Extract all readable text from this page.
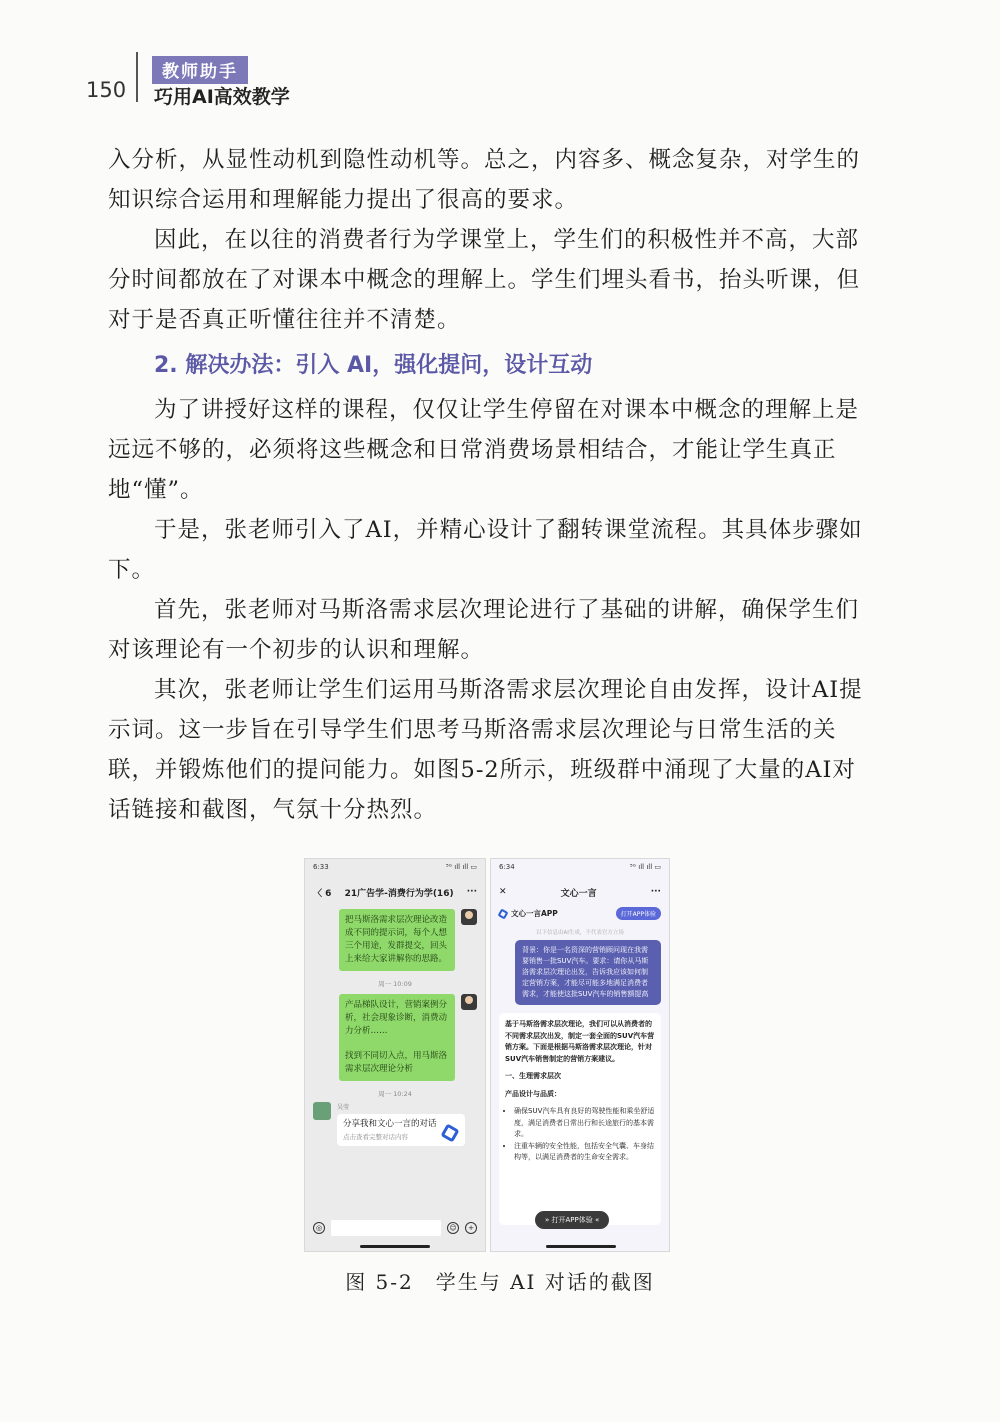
150
教师助手
巧用AI高效教学

入分析，从显性动机到隐性动机等。总之，内容多、概念复杂，对学生的知识综合运用和理解能力提出了很高的要求。

因此，在以往的消费者行为学课堂上，学生们的积极性并不高，大部分时间都放在了对课本中概念的理解上。学生们埋头看书，抬头听课，但对于是否真正听懂往往并不清楚。

2. 解决办法：引入 AI，强化提问，设计互动

为了讲授好这样的课程，仅仅让学生停留在对课本中概念的理解上是远远不够的，必须将这些概念和日常消费场景相结合，才能让学生真正地“懂”。

于是，张老师引入了AI，并精心设计了翻转课堂流程。其具体步骤如下。

首先，张老师对马斯洛需求层次理论进行了基础的讲解，确保学生们对该理论有一个初步的认识和理解。

其次，张老师让学生们运用马斯洛需求层次理论自由发挥，设计AI提示词。这一步旨在引导学生们思考马斯洛需求层次理论与日常生活的关联，并锻炼他们的提问能力。如图5-2所示，班级群中涌现了大量的AI对话链接和截图，气氛十分热烈。

6:33	⁵ᴳ ıll ıll ▭
〈 6 21广告学-消费行为学(16) ···
把马斯洛需求层次理论改造成不同的提示词，每个人想三个用途，发群提交，回头上来给大家讲解你的思路。
周一 10:09
产品梯队设计，营销案例分析，社会现象诊断，消费动力分析……
找到不同切入点，用马斯洛需求层次理论分析
周一 10:24
吴莹
分享我和文心一言的对话
点击查看完整对话内容
◎	☺	+
6:34	⁵ᴳ ıll ıll ▭
✕	文心一言	···
文心一言APP	打开APP体验
以下信息由AI生成，不代表官方立场
背景：你是一名资深的营销顾问现在我需要销售一批SUV汽车。要求：请你从马斯洛需求层次理论出发，告诉我应该如何制定营销方案，才能尽可能多地满足消费者需求，才能使这批SUV汽车的销售额提高

基于马斯洛需求层次理论，我们可以从消费者的不同需求层次出发，制定一套全面的SUV汽车营销方案。下面是根据马斯洛需求层次理论，针对SUV汽车销售制定的营销方案建议。

一、生理需求层次

产品设计与品质：

• 确保SUV汽车具有良好的驾驶性能和乘坐舒适度，满足消费者日常出行和长途旅行的基本需求。
• 注重车辆的安全性能，包括安全气囊、车身结构等，以满足消费者的生命安全需求。
» 打开APP体验 «
图 5-2　学生与 AI 对话的截图
